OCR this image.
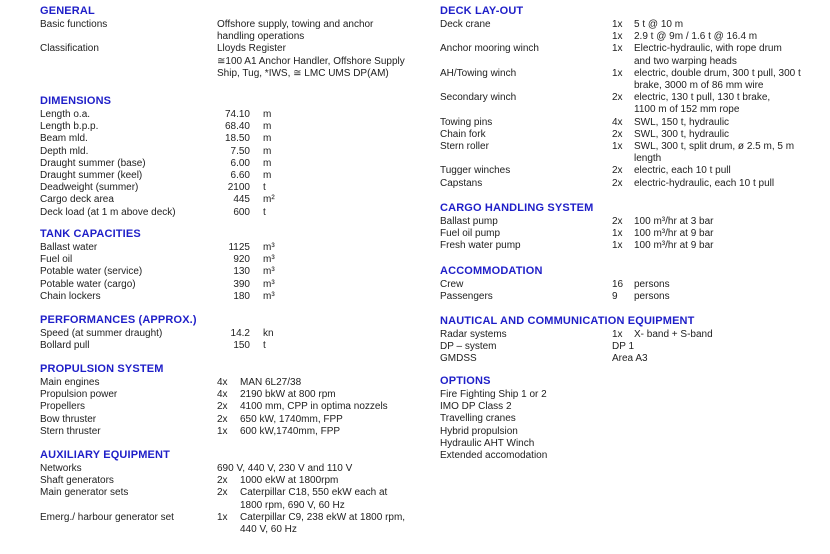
GENERAL
Basic functions	Offshore supply, towing and anchor
handling operations
Classification	Lloyds Register
≅100 A1 Anchor Handler, Offshore Supply
Ship, Tug, *IWS, ≅ LMC UMS DP(AM)
DIMENSIONS
Length o.a.	74.10 m
Length b.p.p.	68.40 m
Beam mld.	18.50 m
Depth mld.	7.50 m
Draught summer (base)	6.00 m
Draught summer (keel)	6.60 m
Deadweight (summer)	2100 t
Cargo deck area	445 m²
Deck load (at 1 m above deck)	600 t
TANK CAPACITIES
Ballast water	1125 m³
Fuel oil	920 m³
Potable water (service)	130 m³
Potable water (cargo)	390 m³
Chain lockers	180 m³
PERFORMANCES (APPROX.)
Speed (at summer draught)	14.2 kn
Bollard pull	150 t
PROPULSION SYSTEM
Main engines	4x	MAN 6L27/38
Propulsion power	4x	2190 bkW at 800 rpm
Propellers	2x	4100 mm, CPP in optima nozzels
Bow thruster	2x	650 kW, 1740mm, FPP
Stern thruster	1x	600 kW,1740mm, FPP
AUXILIARY EQUIPMENT
Networks	690 V, 440 V, 230 V and 110 V
Shaft generators	2x	1000 ekW at 1800rpm
Main generator sets	2x	Caterpillar C18, 550 ekW each at
1800 rpm, 690 V, 60 Hz
Emerg./ harbour generator set	1x	Caterpillar C9, 238 ekW at 1800 rpm,
440 V, 60 Hz
DECK LAY-OUT
Deck crane	1x	5 t @ 10 m
1x	2.9 t @ 9m / 1.6 t @ 16.4 m
Anchor mooring winch	1x	Electric-hydraulic, with rope drum
and two warping heads
AH/Towing winch	1x	electric, double drum, 300 t pull, 300 t
brake, 3000 m of 86 mm wire
Secondary winch	2x	electric, 130 t pull, 130 t brake,
1100 m of 152 mm rope
Towing pins	4x	SWL, 150 t, hydraulic
Chain fork	2x	SWL, 300 t, hydraulic
Stern roller	1x	SWL, 300 t, split drum, ø 2.5 m, 5 m
length
Tugger winches	2x	electric, each 10 t pull
Capstans	2x	electric-hydraulic, each 10 t pull
CARGO HANDLING SYSTEM
Ballast pump	2x	100 m³/hr at 3 bar
Fuel oil pump	1x	100 m³/hr at 9 bar
Fresh water pump	1x	100 m³/hr at 9 bar
ACCOMMODATION
Crew	16	persons
Passengers	9	persons
NAUTICAL AND COMMUNICATION EQUIPMENT
Radar systems	1x	X- band + S-band
DP – system	DP 1
GMDSS	Area A3
OPTIONS
Fire Fighting Ship 1 or 2
IMO DP Class 2
Travelling cranes
Hybrid propulsion
Hydraulic AHT Winch
Extended accomodation
